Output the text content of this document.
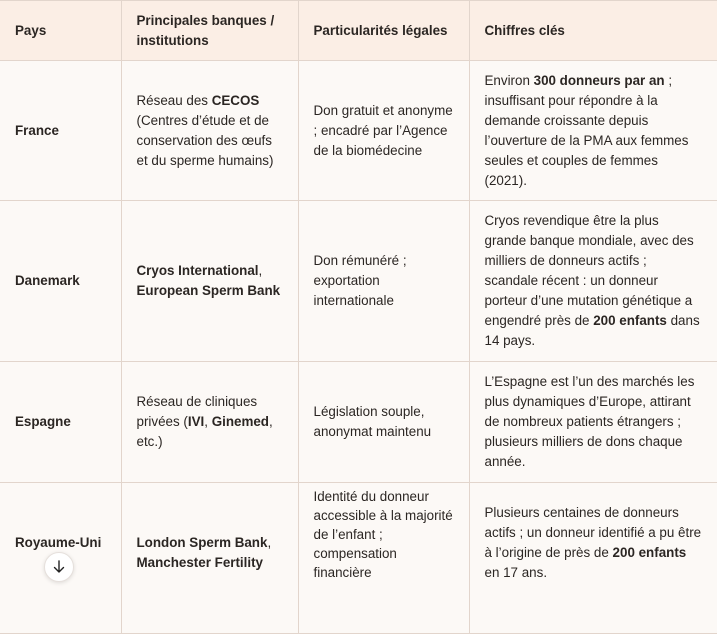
Pays	Principales banques / institutions	Particularités légales	Chiffres clés
France	Réseau des CECOS (Centres d’étude et de conservation des œufs et du sperme humains)	Don gratuit et anonyme ; encadré par l’Agence de la biomédecine	Environ 300 donneurs par an ; insuffisant pour répondre à la demande croissante depuis l’ouverture de la PMA aux femmes seules et couples de femmes (2021).
Danemark	Cryos International, European Sperm Bank	Don rémunéré ; exportation internationale	Cryos revendique être la plus grande banque mondiale, avec des milliers de donneurs actifs ; scandale récent : un donneur porteur d’une mutation génétique a engendré près de 200 enfants dans 14 pays.
Espagne	Réseau de cliniques privées (IVI, Ginemed, etc.)	Législation souple, anonymat maintenu	L’Espagne est l’un des marchés les plus dynamiques d’Europe, attirant de nombreux patients étrangers ; plusieurs milliers de dons chaque année.
Royaume-Uni	London Sperm Bank, Manchester Fertility	Identité du donneur accessible à la majorité de l’enfant ; compensation financière	Plusieurs centaines de donneurs actifs ; un donneur identifié a pu être à l’origine de près de 200 enfants en 17 ans.
